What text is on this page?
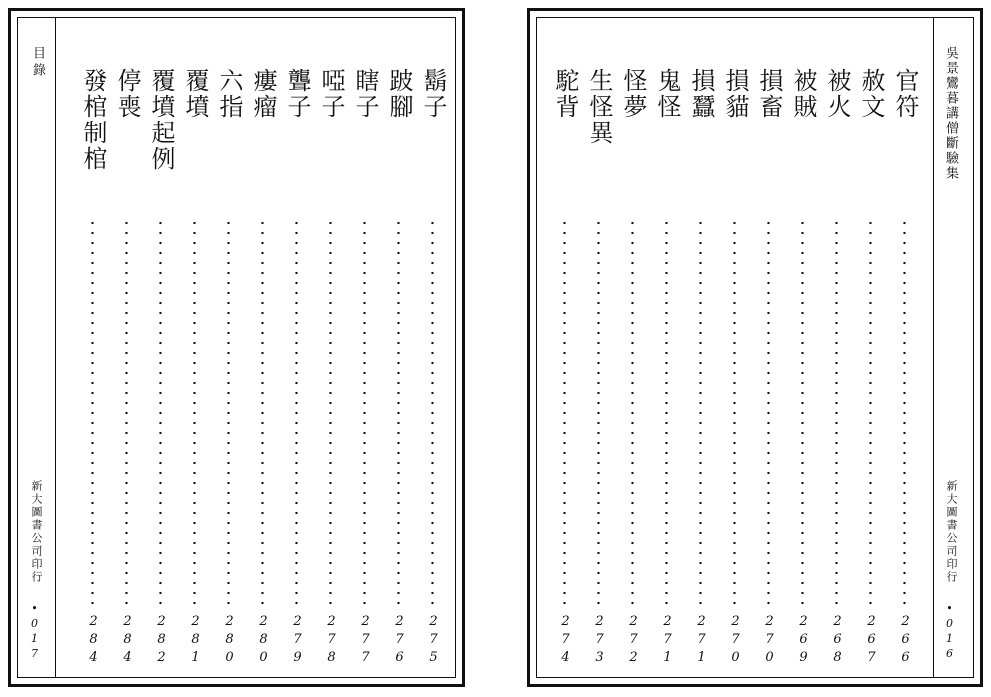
目錄
新大圖書公司印行
•017
鬍子
275
跛腳
276
瞎子
277
啞子
278
聾子
279
瘻瘤
280
六指
280
覆墳
281
覆墳起例
282
停喪
284
發棺制棺
284
吳景鸞暮講僧斷驗集
新大圖書公司印行
•016
官符
266
赦文
267
被火
268
被賊
269
損畜
270
損貓
270
損蠶
271
鬼怪
271
怪夢
272
生怪異
273
駝背
274
